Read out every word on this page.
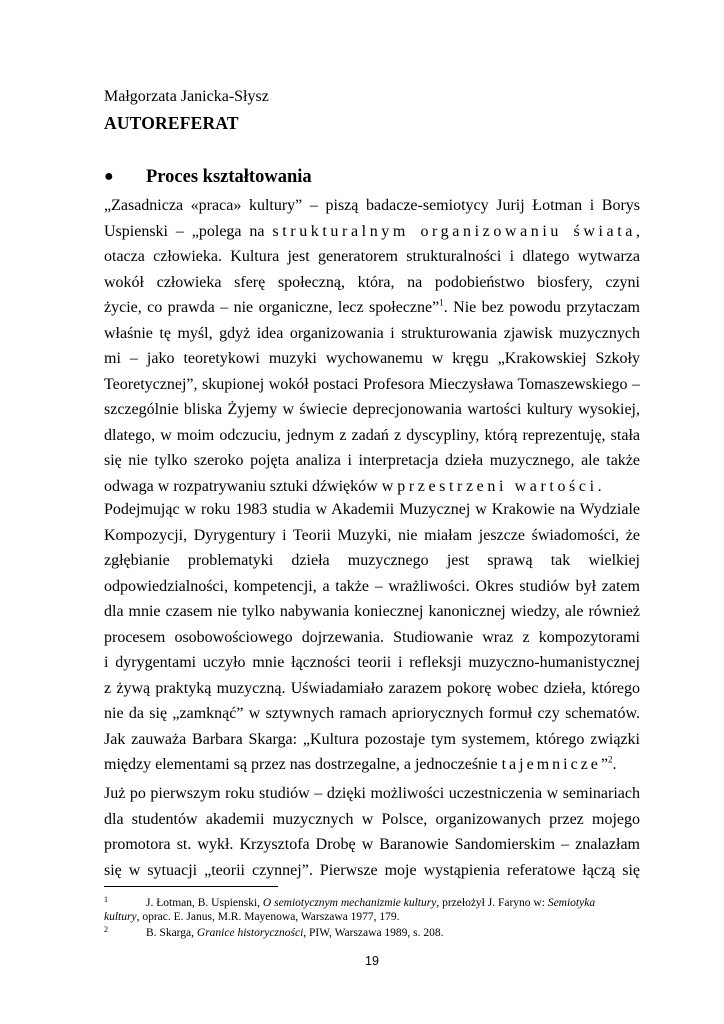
Małgorzata Janicka-Słysz
AUTOREFERAT
● Proces kształtowania
„Zasadnicza «praca» kultury” – piszą badacze-semiotycy Jurij Łotman i Borys
Uspienski – „polega na strukturalnym organizowaniu świata,
otacza człowieka. Kultura jest generatorem strukturalności i dlatego wytwarza
wokół człowieka sferę społeczną, która, na podobieństwo biosfery, czyni
życie, co prawda – nie organiczne, lecz społeczne”$^1$. Nie bez powodu przytaczam
właśnie tę myśl, gdyż idea organizowania i strukturowania zjawisk muzycznych
mi – jako teoretykowi muzyki wychowanemu w kręgu „Krakowskiej Szkoły
Teoretycznej”, skupionej wokół postaci Profesora Mieczysława Tomaszewskiego –
szczególnie bliska Żyjemy w świecie deprecjonowania wartości kultury wysokiej,
dlatego, w moim odczuciu, jednym z zadań z dyscypliny, którą reprezentuję, stała
się nie tylko szeroko pojęta analiza i interpretacja dzieła muzycznego, ale także
odwaga w rozpatrywaniu sztuki dźwięków w przestrzeni wartości.
Podejmując w roku 1983 studia w Akademii Muzycznej w Krakowie na Wydziale
Kompozycji, Dyrygentury i Teorii Muzyki, nie miałam jeszcze świadomości, że
zgłębianie problematyki dzieła muzycznego jest sprawą tak wielkiej
odpowiedzialności, kompetencji, a także – wrażliwości. Okres studiów był zatem
dla mnie czasem nie tylko nabywania koniecznej kanonicznej wiedzy, ale również
procesem osobowościowego dojrzewania. Studiowanie wraz z kompozytorami
i dyrygentami uczyło mnie łączności teorii i refleksji muzyczno-humanistycznej
z żywą praktyką muzyczną. Uświadamiało zarazem pokorę wobec dzieła, którego
nie da się „zamknąć” w sztywnych ramach apriorycznych formuł czy schematów.
Jak zauważa Barbara Skarga: „Kultura pozostaje tym systemem, którego związki
między elementami są przez nas dostrzegalne, a jednocześnie tajemnicze”$^2$.
Już po pierwszym roku studiów – dzięki możliwości uczestniczenia w seminariach
dla studentów akademii muzycznych w Polsce, organizowanych przez mojego
promotora st. wykł. Krzysztofa Drobę w Baranowie Sandomierskim – znalazłam
się w sytuacji „teorii czynnej”. Pierwsze moje wystąpienia referatowe łączą się
1	J. Łotman, B. Uspienski, O semiotycznym mechanizmie kultury, przełożył J. Faryno w: Semiotyka
kultury, oprac. E. Janus, M.R. Mayenowa, Warszawa 1977, 179.
2	B. Skarga, Granice historyczności, PIW, Warszawa 1989, s. 208.
19
